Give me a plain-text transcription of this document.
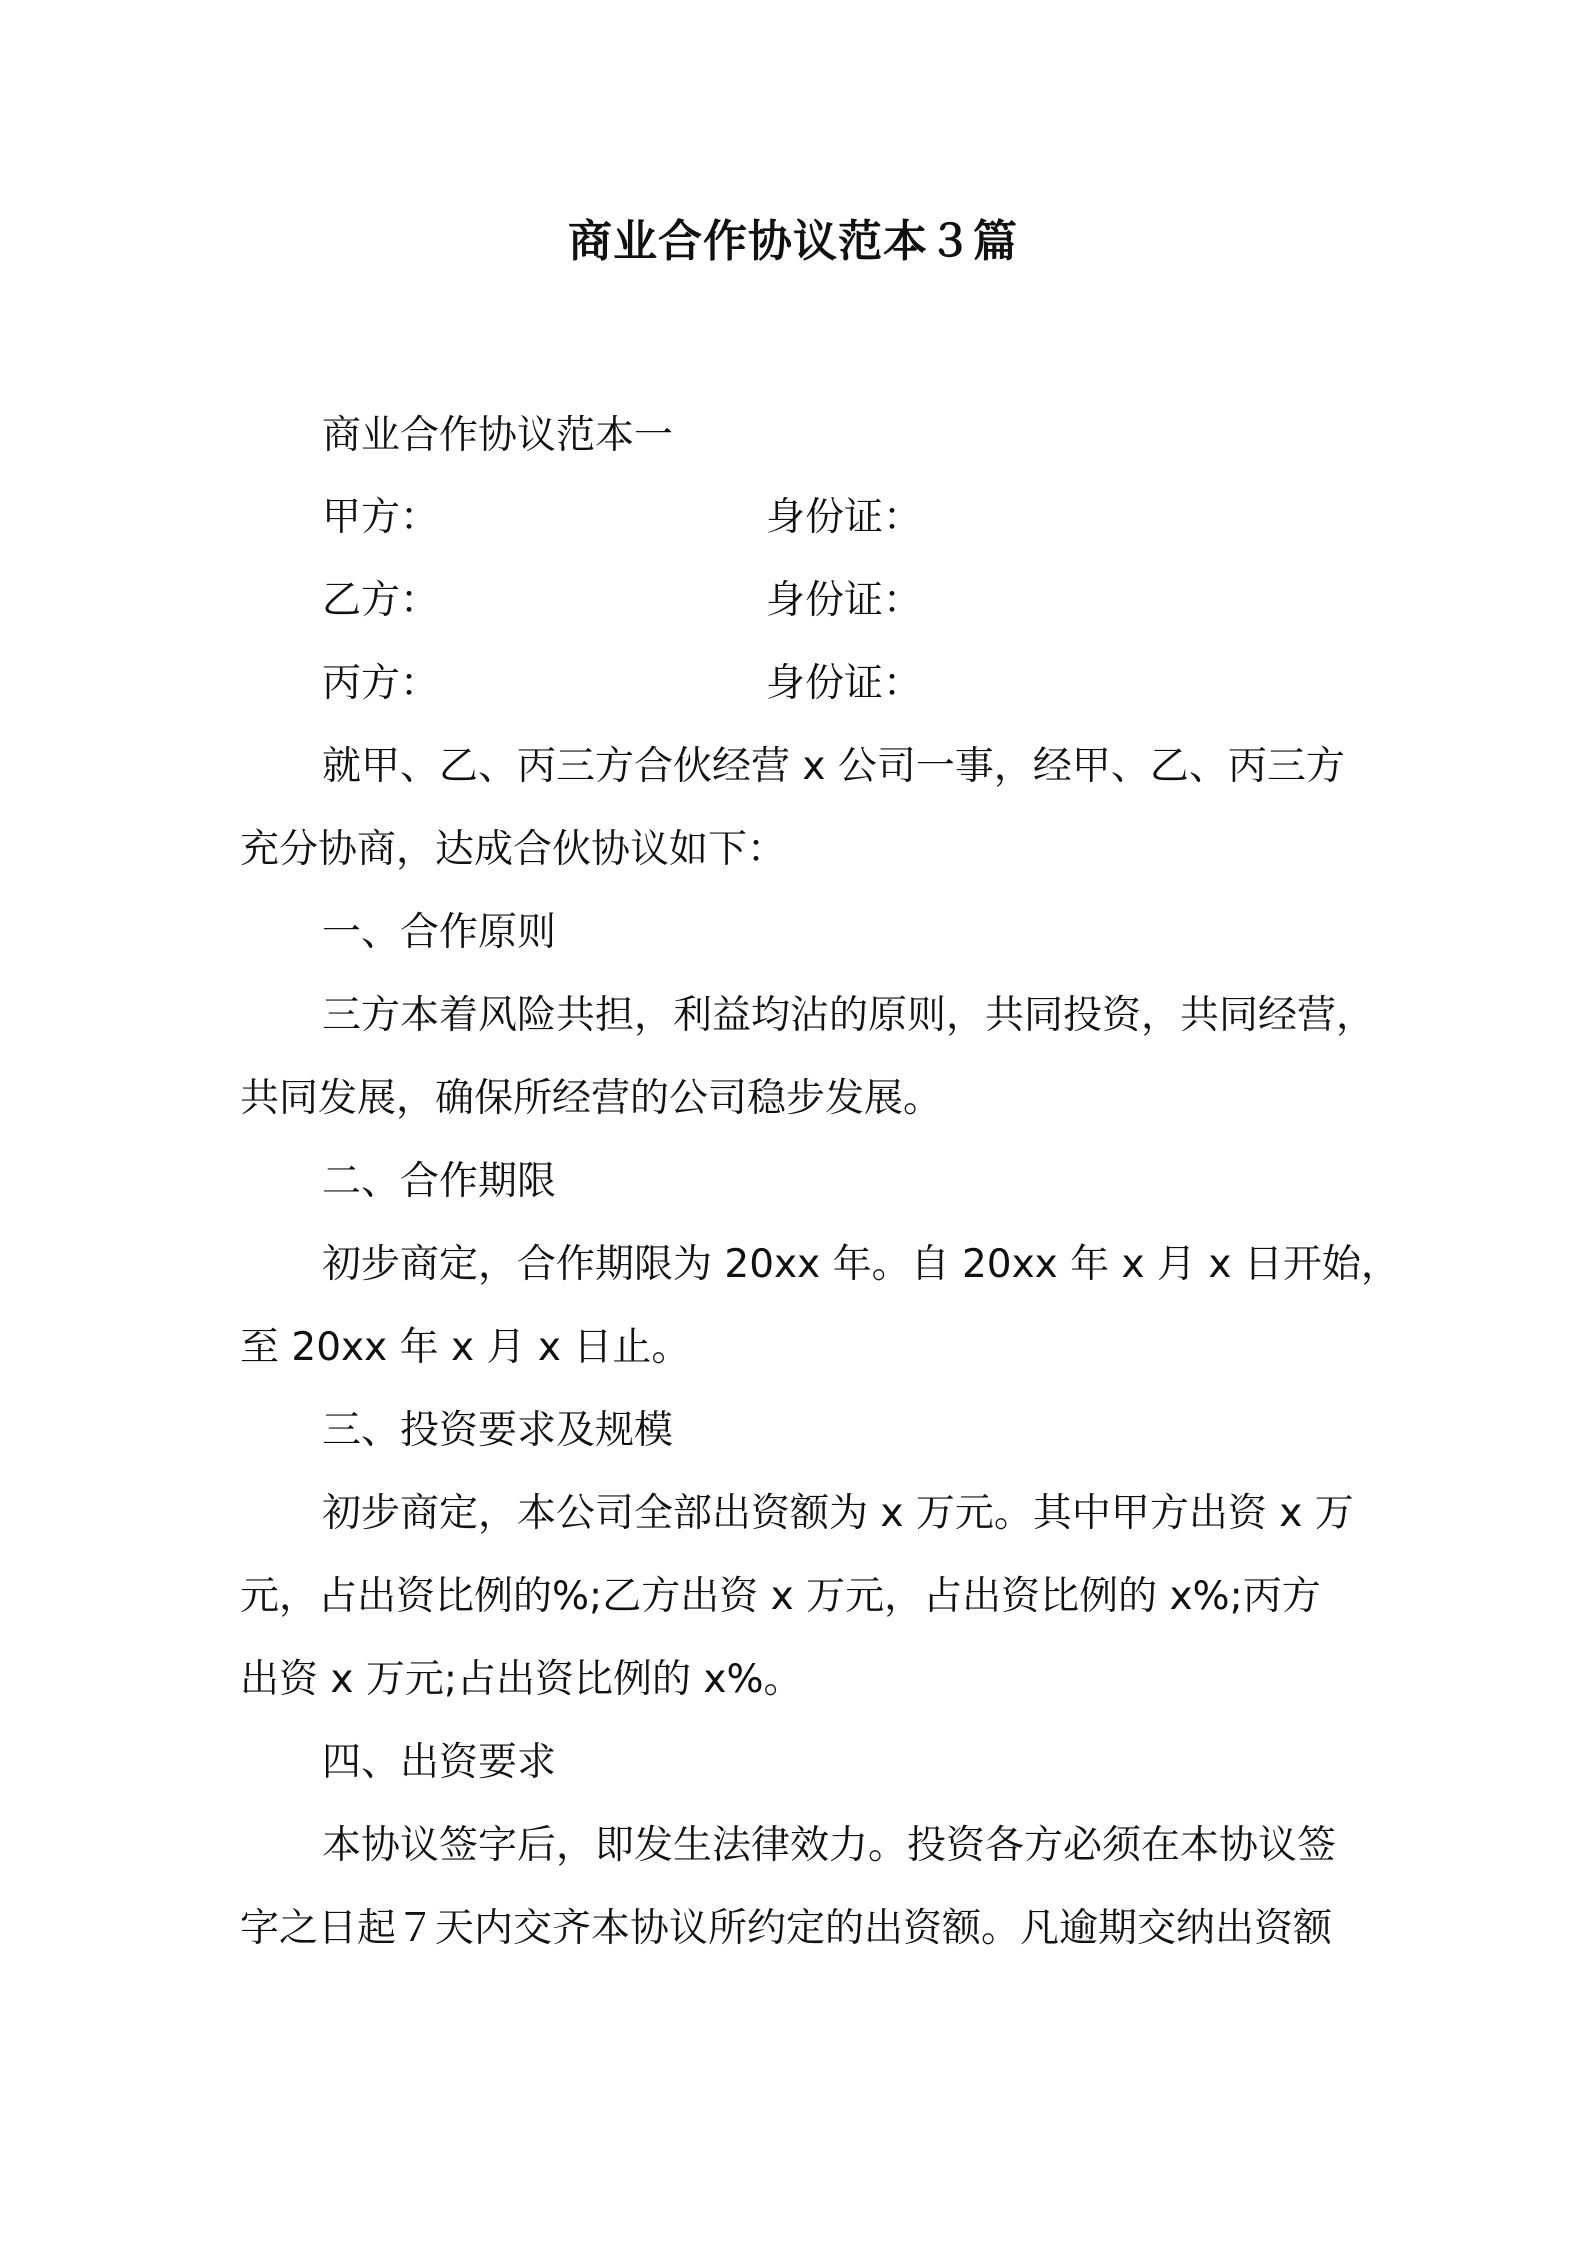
商业合作协议范本３篇
商业合作协议范本一
甲方：	身份证：
乙方：	身份证：
丙方：	身份证：
就甲、乙、丙三方合伙经营 x 公司一事，经甲、乙、丙三方
充分协商，达成合伙协议如下：
一、合作原则
三方本着风险共担，利益均沾的原则，共同投资，共同经营，
共同发展，确保所经营的公司稳步发展。
二、合作期限
初步商定，合作期限为 20xx 年。自 20xx 年 x 月 x 日开始，
至 20xx 年 x 月 x 日止。
三、投资要求及规模
初步商定，本公司全部出资额为 x 万元。其中甲方出资 x 万
元，占出资比例的%;乙方出资 x 万元，占出资比例的 x%;丙方
出资 x 万元;占出资比例的 x%。
四、出资要求
本协议签字后，即发生法律效力。投资各方必须在本协议签
字之日起７天内交齐本协议所约定的出资额。凡逾期交纳出资额
